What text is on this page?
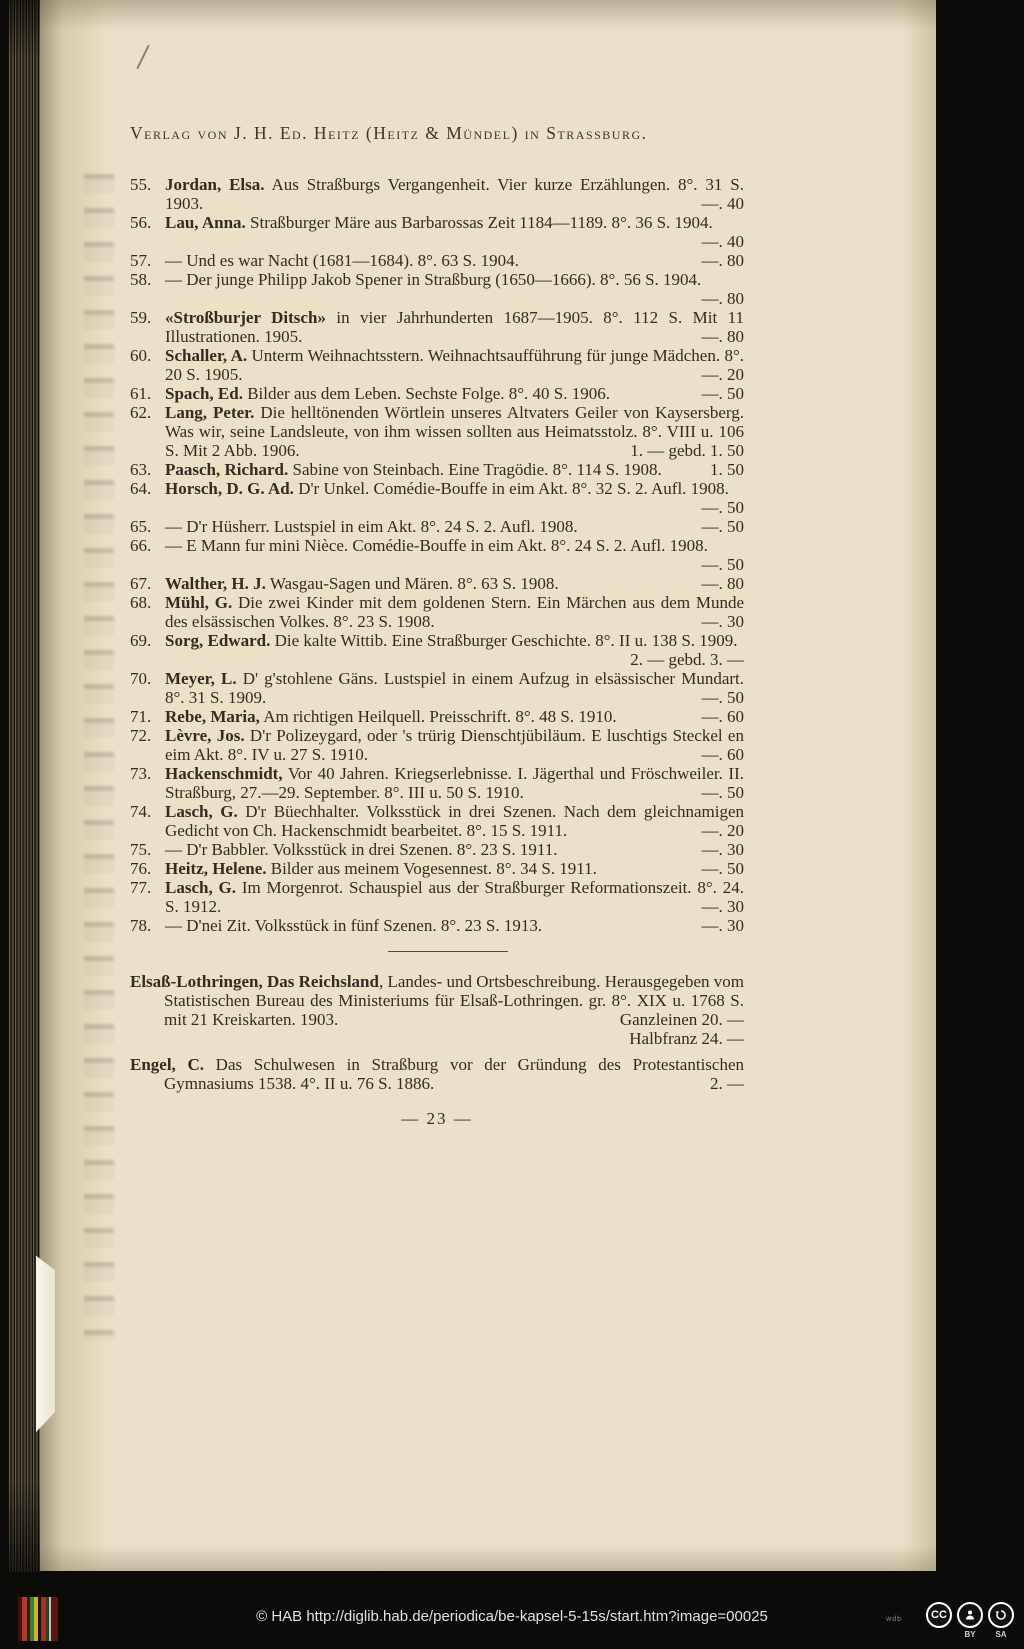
Verlag von J. H. Ed. Heitz (Heitz & Mündel) in Strassburg.
55. Jordan, Elsa. Aus Straßburgs Vergangenheit. Vier kurze Erzählungen. 8°. 31 S. 1903.	—. 40
56. Lau, Anna. Straßburger Märe aus Barbarossas Zeit 1184—1189. 8°. 36 S. 1904.
—. 40
57. — Und es war Nacht (1681—1684). 8°. 63 S. 1904.	—. 80
58. — Der junge Philipp Jakob Spener in Straßburg (1650—1666). 8°. 56 S. 1904.
—. 80
59. «Stroßburjer Ditsch» in vier Jahrhunderten 1687—1905. 8°. 112 S. Mit 11 Illustrationen. 1905.	—. 80
60. Schaller, A. Unterm Weihnachtsstern. Weihnachtsaufführung für junge Mädchen. 8°. 20 S. 1905.	—. 20
61. Spach, Ed. Bilder aus dem Leben. Sechste Folge. 8°. 40 S. 1906.	—. 50
62. Lang, Peter. Die helltönenden Wörtlein unseres Altvaters Geiler von Kaysersberg. Was wir, seine Landsleute, von ihm wissen sollten aus Heimatsstolz. 8°. VIII u. 106 S. Mit 2 Abb. 1906.	1. — gebd. 1. 50
63. Paasch, Richard. Sabine von Steinbach. Eine Tragödie. 8°. 114 S. 1908.	1. 50
64. Horsch, D. G. Ad. D'r Unkel. Comédie-Bouffe in eim Akt. 8°. 32 S. 2. Aufl. 1908.
—. 50
65. — D'r Hüsherr. Lustspiel in eim Akt. 8°. 24 S. 2. Aufl. 1908.	—. 50
66. — E Mann fur mini Nièce. Comédie-Bouffe in eim Akt. 8°. 24 S. 2. Aufl. 1908.
—. 50
67. Walther, H. J. Wasgau-Sagen und Mären. 8°. 63 S. 1908.	—. 80
68. Mühl, G. Die zwei Kinder mit dem goldenen Stern. Ein Märchen aus dem Munde des elsässischen Volkes. 8°. 23 S. 1908.	—. 30
69. Sorg, Edward. Die kalte Wittib. Eine Straßburger Geschichte. 8°. II u. 138 S. 1909.
2. — gebd. 3. —
70. Meyer, L. D' g'stohlene Gäns. Lustspiel in einem Aufzug in elsässischer Mundart. 8°. 31 S. 1909.	—. 50
71. Rebe, Maria, Am richtigen Heilquell. Preisschrift. 8°. 48 S. 1910.	—. 60
72. Lèvre, Jos. D'r Polizeygard, oder 's trürig Dienschtjübiläum. E luschtigs Steckel en eim Akt. 8°. IV u. 27 S. 1910.	—. 60
73. Hackenschmidt, Vor 40 Jahren. Kriegserlebnisse. I. Jägerthal und Fröschweiler. II. Straßburg, 27.—29. September. 8°. III u. 50 S. 1910.	—. 50
74. Lasch, G. D'r Büechhalter. Volksstück in drei Szenen. Nach dem gleichnamigen Gedicht von Ch. Hackenschmidt bearbeitet. 8°. 15 S. 1911.	—. 20
75. — D'r Babbler. Volksstück in drei Szenen. 8°. 23 S. 1911.	—. 30
76. Heitz, Helene. Bilder aus meinem Vogesennest. 8°. 34 S. 1911.	—. 50
77. Lasch, G. Im Morgenrot. Schauspiel aus der Straßburger Reformationszeit. 8°. 24. S. 1912.	—. 30
78. — D'nei Zit. Volksstück in fünf Szenen. 8°. 23 S. 1913.	—. 30
Elsaß-Lothringen, Das Reichsland, Landes- und Ortsbeschreibung. Herausgegeben vom Statistischen Bureau des Ministeriums für Elsaß-Lothringen. gr. 8°. XIX u. 1768 S. mit 21 Kreiskarten. 1903.	Ganzleinen 20. —
Halbfranz 24. —
Engel, C. Das Schulwesen in Straßburg vor der Gründung des Protestantischen Gymnasiums 1538. 4°. II u. 76 S. 1886.	2. —
— 23 —
© HAB http://diglib.hab.de/periodica/be-kapsel-5-15s/start.htm?image=00025	wdb	CC
BY SA
